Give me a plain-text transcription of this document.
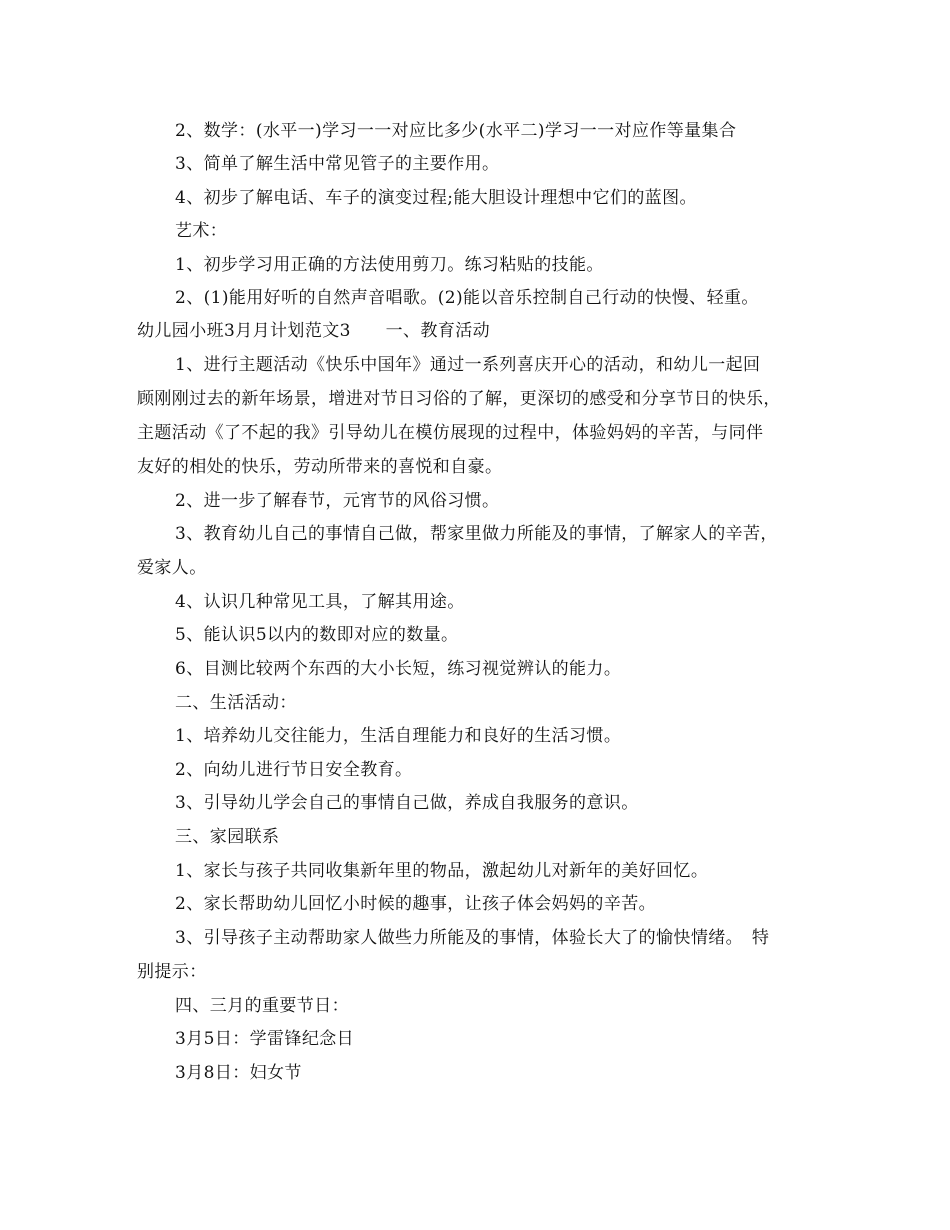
2、数学：(水平一)学习一一对应比多少(水平二)学习一一对应作等量集合
3、简单了解生活中常见管子的主要作用。
4、初步了解电话、车子的演变过程;能大胆设计理想中它们的蓝图。
艺术：
1、初步学习用正确的方法使用剪刀。练习粘贴的技能。
2、(1)能用好听的自然声音唱歌。(2)能以音乐控制自己行动的快慢、轻重。
幼儿园小班3月月计划范文3　　一、教育活动
1、进行主题活动《快乐中国年》通过一系列喜庆开心的活动，和幼儿一起回
顾刚刚过去的新年场景，增进对节日习俗的了解，更深切的感受和分享节日的快乐，
主题活动《了不起的我》引导幼儿在模仿展现的过程中，体验妈妈的辛苦，与同伴
友好的相处的快乐，劳动所带来的喜悦和自豪。
2、进一步了解春节，元宵节的风俗习惯。
3、教育幼儿自己的事情自己做，帮家里做力所能及的事情，了解家人的辛苦，
爱家人。
4、认识几种常见工具，了解其用途。
5、能认识5以内的数即对应的数量。
6、目测比较两个东西的大小长短，练习视觉辨认的能力。
二、生活活动：
1、培养幼儿交往能力，生活自理能力和良好的生活习惯。
2、向幼儿进行节日安全教育。
3、引导幼儿学会自己的事情自己做，养成自我服务的意识。
三、家园联系
1、家长与孩子共同收集新年里的物品，激起幼儿对新年的美好回忆。
2、家长帮助幼儿回忆小时候的趣事，让孩子体会妈妈的辛苦。
3、引导孩子主动帮助家人做些力所能及的事情，体验长大了的愉快情绪。　特
别提示：
四、三月的重要节日：
3月5日：学雷锋纪念日
3月8日：妇女节
